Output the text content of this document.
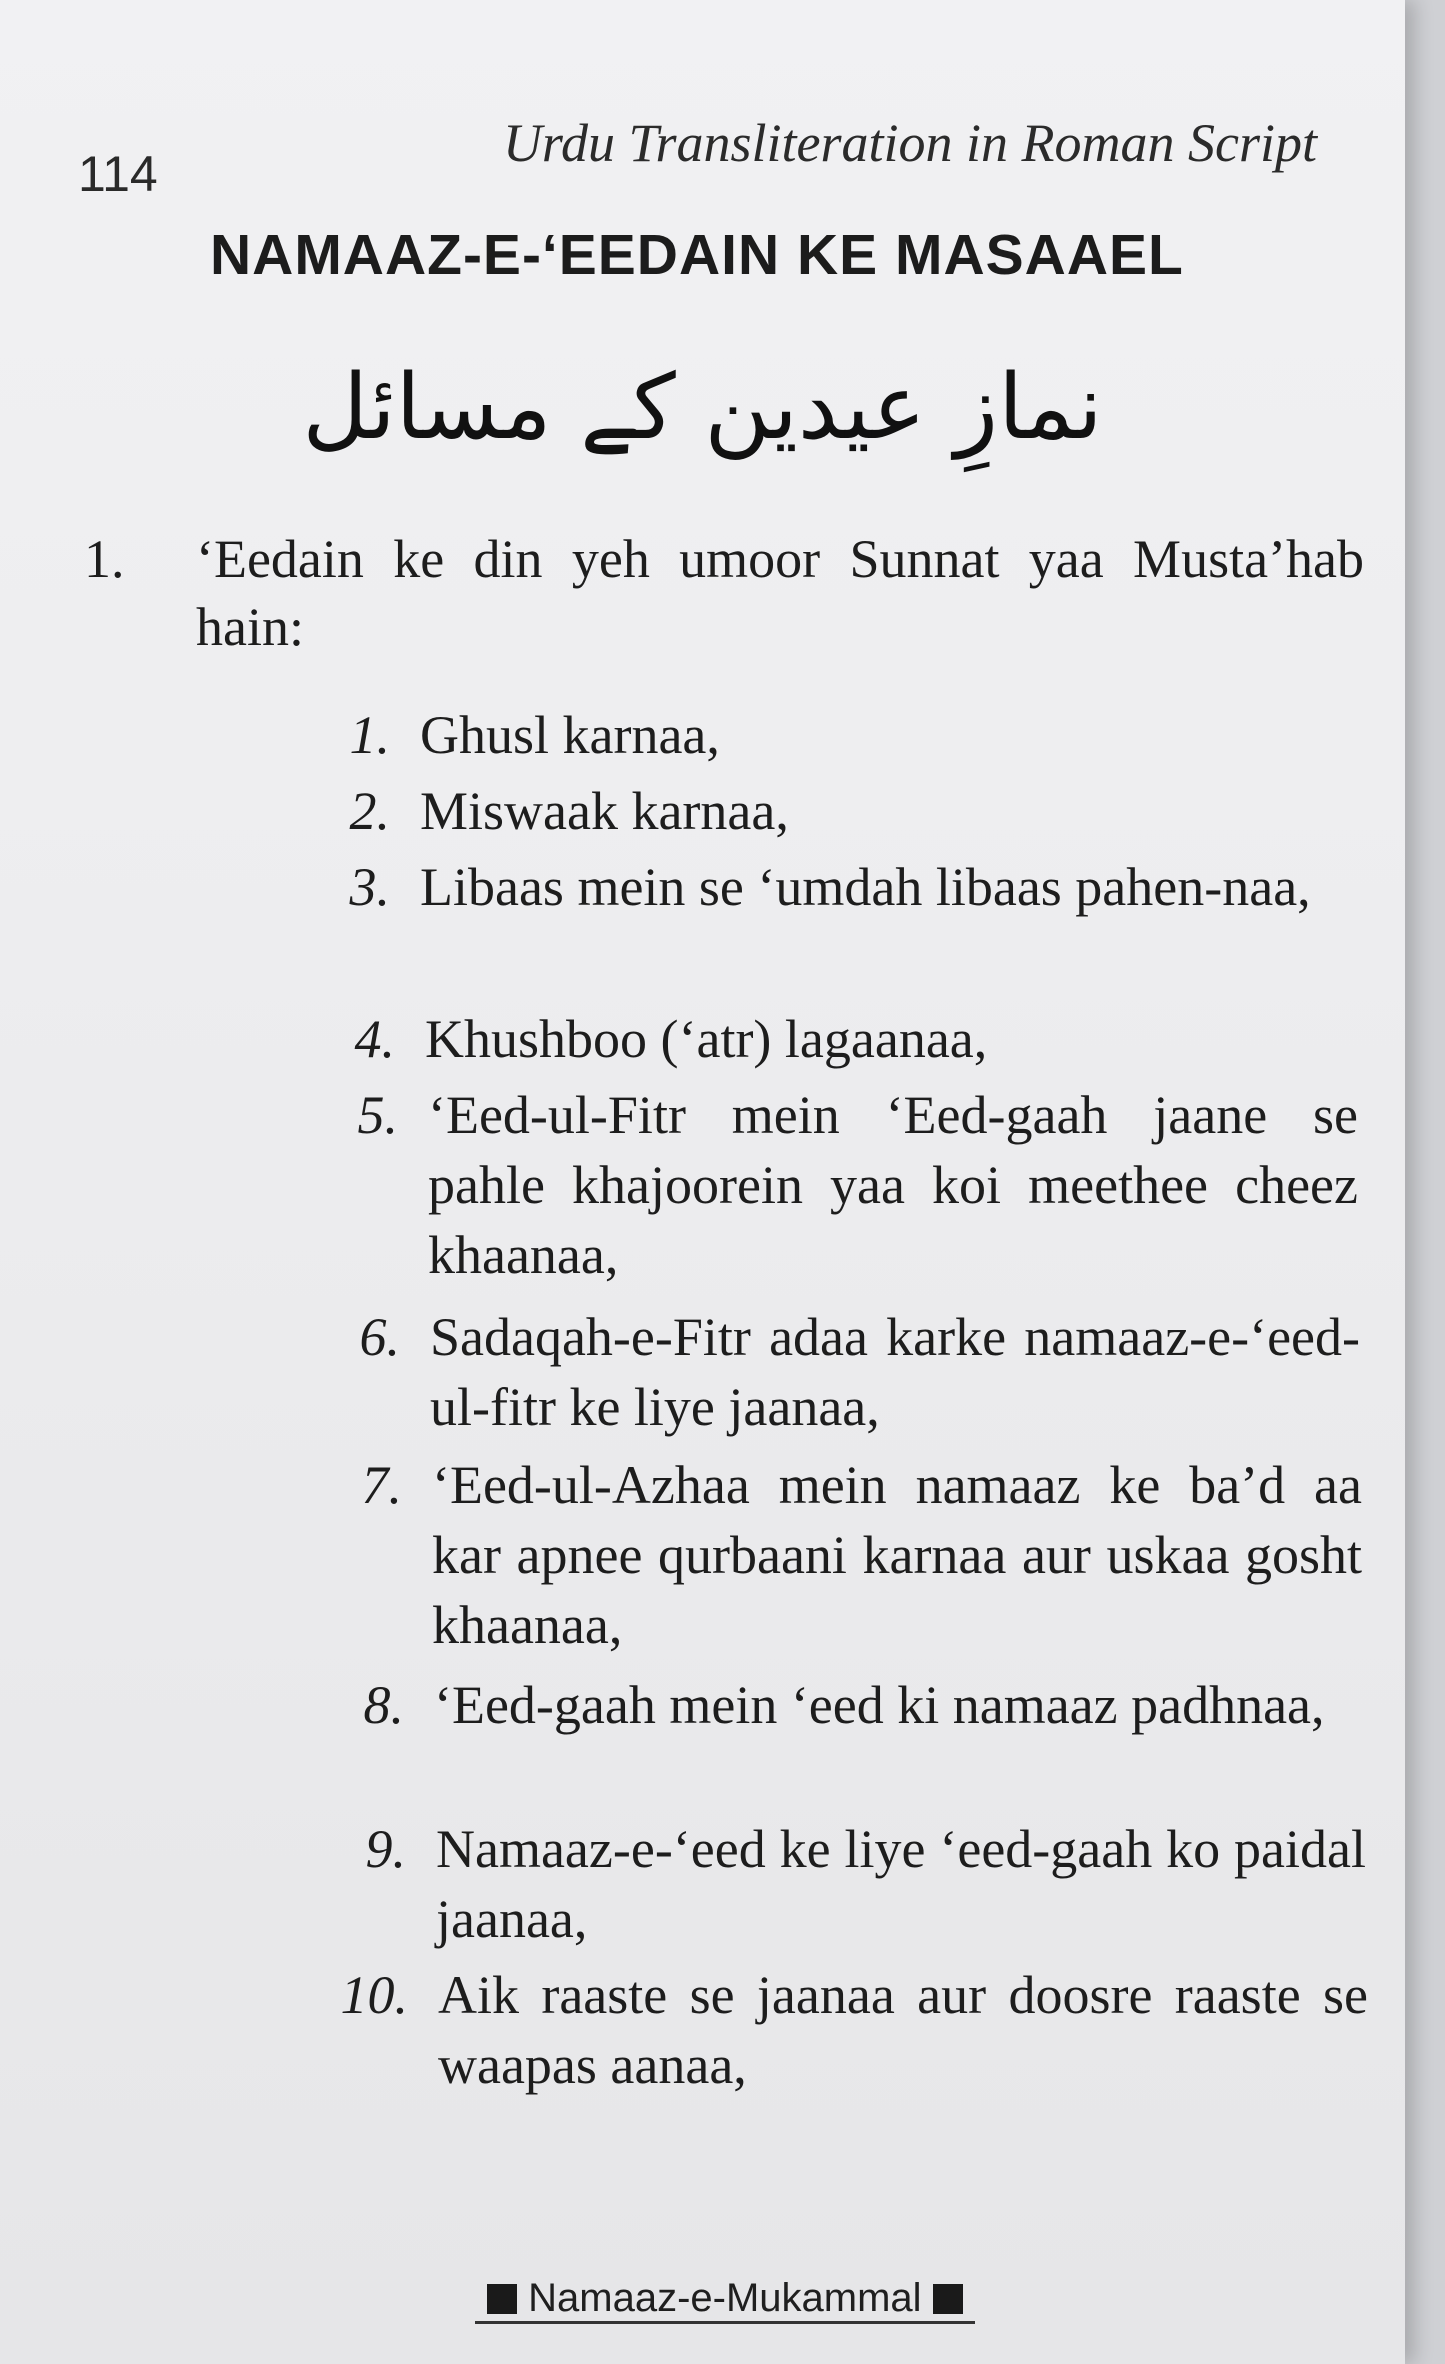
114
Urdu Transliteration in Roman Script
NAMAAZ-E-‘EEDAIN KE MASAAEL
نمازِ عیدین کے مسائل
1. ‘Eedain ke din yeh umoor Sunnat yaa Musta’hab hain:
1. Ghusl karnaa,
2. Miswaak karnaa,
3. Libaas mein se ‘umdah libaas pahen-naa,
4. Khushboo (‘atr) lagaanaa,
5. ‘Eed-ul-Fitr mein ‘Eed-gaah jaane se pahle khajoorein yaa koi meethee cheez khaanaa,
6. Sadaqah-e-Fitr adaa karke namaaz-e-‘eed-ul-fitr ke liye jaanaa,
7. ‘Eed-ul-Azhaa mein namaaz ke ba’d aa kar apnee qurbaani karnaa aur uskaa gosht khaanaa,
8. ‘Eed-gaah mein ‘eed ki namaaz padhnaa,
9. Namaaz-e-‘eed ke liye ‘eed-gaah ko paidal jaanaa,
10. Aik raaste se jaanaa aur doosre raaste se waapas aanaa,
Namaaz-e-Mukammal
